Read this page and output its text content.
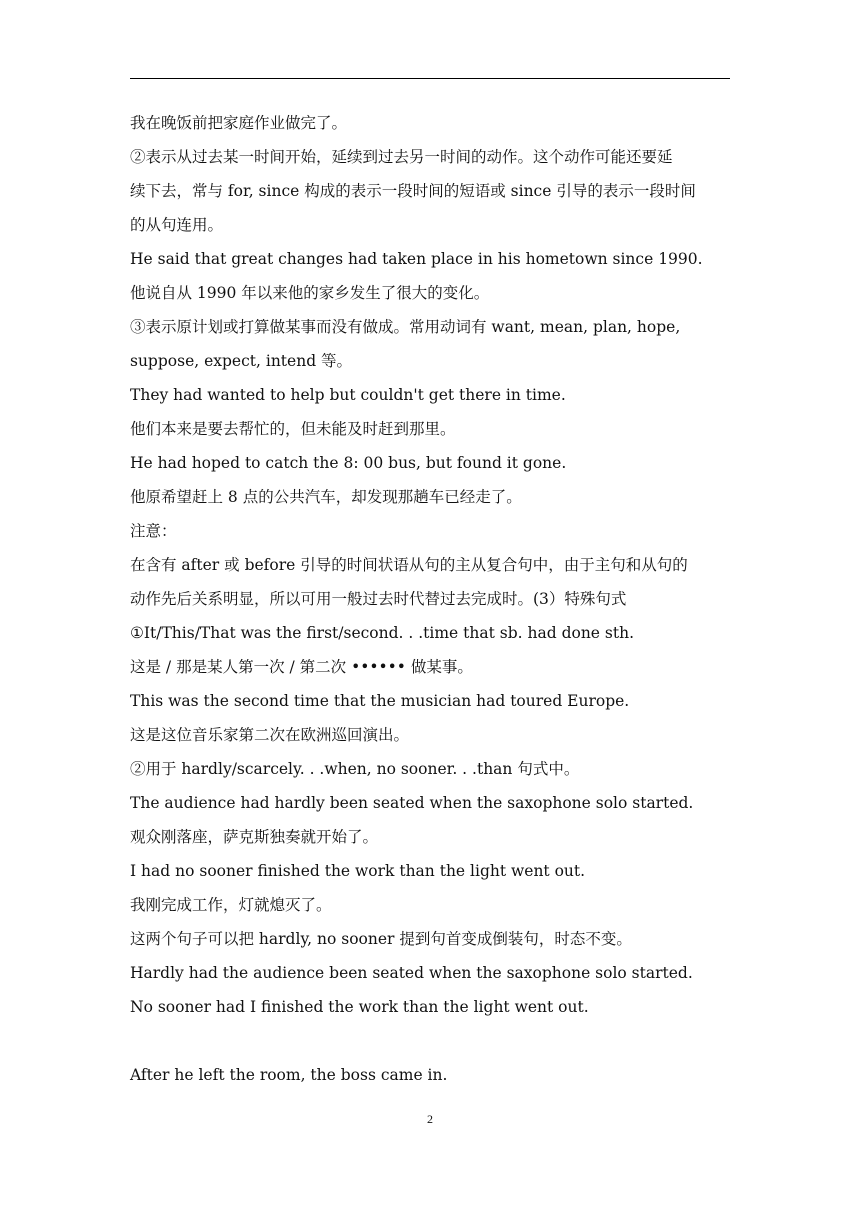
我在晚饭前把家庭作业做完了。
②表示从过去某一时间开始，延续到过去另一时间的动作。这个动作可能还要延
续下去，常与 for, since 构成的表示一段时间的短语或 since 引导的表示一段时间
的从句连用。
He said that great changes had taken place in his hometown since 1990.
他说自从 1990 年以来他的家乡发生了很大的变化。
③表示原计划或打算做某事而没有做成。常用动词有 want, mean, plan, hope,
suppose, expect, intend 等。
They had wanted to help but couldn't get there in time.
他们本来是要去帮忙的，但未能及时赶到那里。
He had hoped to catch the 8: 00 bus, but found it gone.
他原希望赶上 8 点的公共汽车，却发现那趟车已经走了。
注意：
在含有 after 或 before 引导的时间状语从句的主从复合句中，由于主句和从句的
动作先后关系明显，所以可用一般过去时代替过去完成时。(3）特殊句式
①It/This/That was the first/second. . .time that sb. had done sth.
这是 / 那是某人第一次 / 第二次 •••••• 做某事。
This was the second time that the musician had toured Europe.
这是这位音乐家第二次在欧洲巡回演出。
②用于 hardly/scarcely. . .when, no sooner. . .than 句式中。
The audience had hardly been seated when the saxophone solo started.
观众刚落座，萨克斯独奏就开始了。
I had no sooner finished the work than the light went out.
我刚完成工作，灯就熄灭了。
这两个句子可以把 hardly, no sooner 提到句首变成倒装句，时态不变。
Hardly had the audience been seated when the saxophone solo started.
No sooner had I finished the work than the light went out.
After he left the room, the boss came in.
2
